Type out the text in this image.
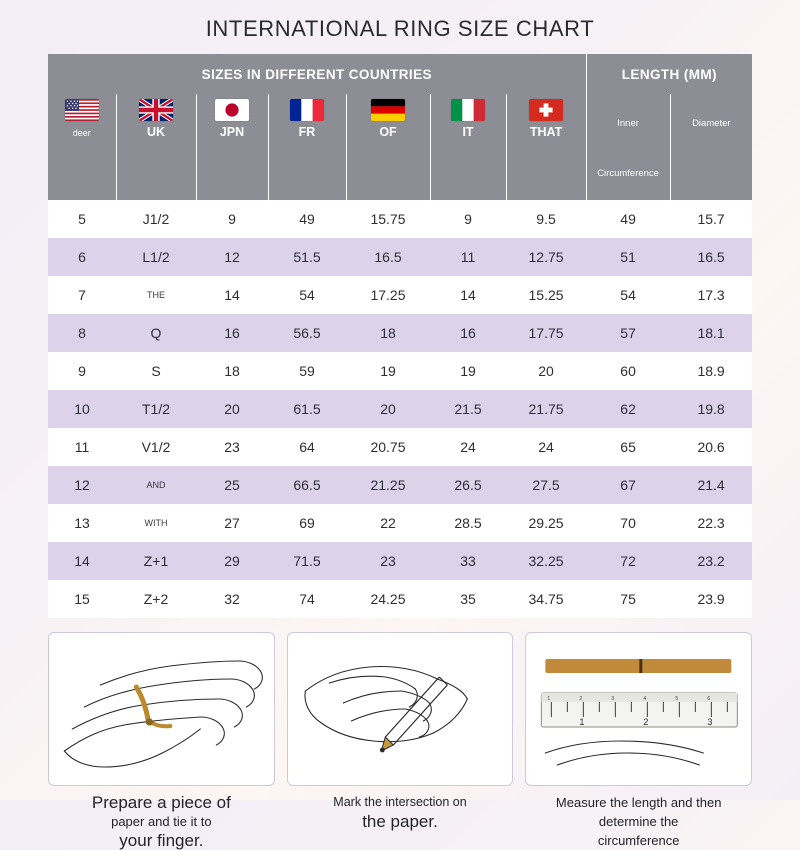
INTERNATIONAL RING SIZE CHART
SIZES IN DIFFERENT COUNTRIES							LENGTH (MM)	

deer	UK	JPN	FR	OF	IT	THAT	Inner Circumference	Diameter
5	J1/2	9	49	15.75	9	9.5	49	15.7
6	L1/2	12	51.5	16.5	11	12.75	51	16.5
7	THE	14	54	17.25	14	15.25	54	17.3
8	Q	16	56.5	18	16	17.75	57	18.1
9	S	18	59	19	19	20	60	18.9
10	T1/2	20	61.5	20	21.5	21.75	62	19.8
11	V1/2	23	64	20.75	24	24	65	20.6
12	AND	25	66.5	21.25	26.5	27.5	67	21.4
13	WITH	27	69	22	28.5	29.25	70	22.3
14	Z+1	29	71.5	23	33	32.25	72	23.2
15	Z+2	32	74	24.25	35	34.75	75	23.9
Prepare a piece of
paper and tie it to
your finger.
Mark the intersection on
the paper.
1	2	3
1	2	3	4	5	6
Measure the length and then
determine the
circumference
